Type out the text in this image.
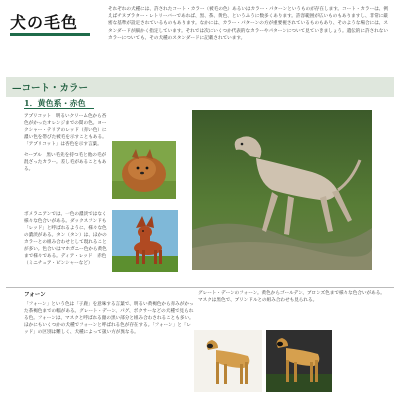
犬の毛色
それぞれの犬種には、許されたコート・カラー（被毛の色）あるいはカラー・パターンというものが存在します。コート・カラーは、例えばチヌブラター・レトリーバーであれば、黒、茶、黄色、というふうに数多くあります。許容範囲が広いものもありますし、非常に厳密な基準が設定されているものもあります。なかには、カラー・パターンの方が重要視されているものもあり、そのような場合には、スタンダードが細かく指定しています。それでは次にいくつか代表的なカラーやパターンについて見ていきましょう。遺伝的に許されないカラーについても、その犬種のスタンダードに記載されています。
—コート・カラー
1．黄色系・赤色
アプリコット　明るいクリーム色から杏色がかったオレンジまでの間の色。ヨークシャー・テリアのレッド（赤い色）に濃い色を帯びた被毛を示すこともある。「アプリコット」は杏色を示す言葉。
セーブル　黒い毛先を持つ毛と他の毛が混ざったカラー。差し毛があることもある。
ポメラニアンでは、一色の濃淡ではなく様々な色合いがある。ダックスフンドも「レッド」と呼ばれるように、様々な色の濃淡がある。タン（タン）は、ほかのカラーとの組み合わせとして現れることが多い。色合いはマホガニー色から黄色まで様々である。ディア・レッド　赤色（ミニチュア・ピンシャーなど）
フォーン
「フォーン」という色は「子鹿」を意味する言葉で、明るい黄褐色から赤みがかった茶褐色までの幅がある。グレート・デーン、パグ、ボクサーなどの犬種で見られる色。フォーンは、マスクと呼ばれる顔の黒い部分と組み合わされることも多い。ほかにもいくつかの犬種でフォーンと呼ばれる色が存在する。「フォーン」と「レッド」の区別は難しく、犬種によって扱い方が異なる。
グレート・デーンのフォーン。黄色からゴールデン、ブロンズ色まで様々な色合いがある。マスクは黒色で、ブリンドルとの組み合わせも見られる。
